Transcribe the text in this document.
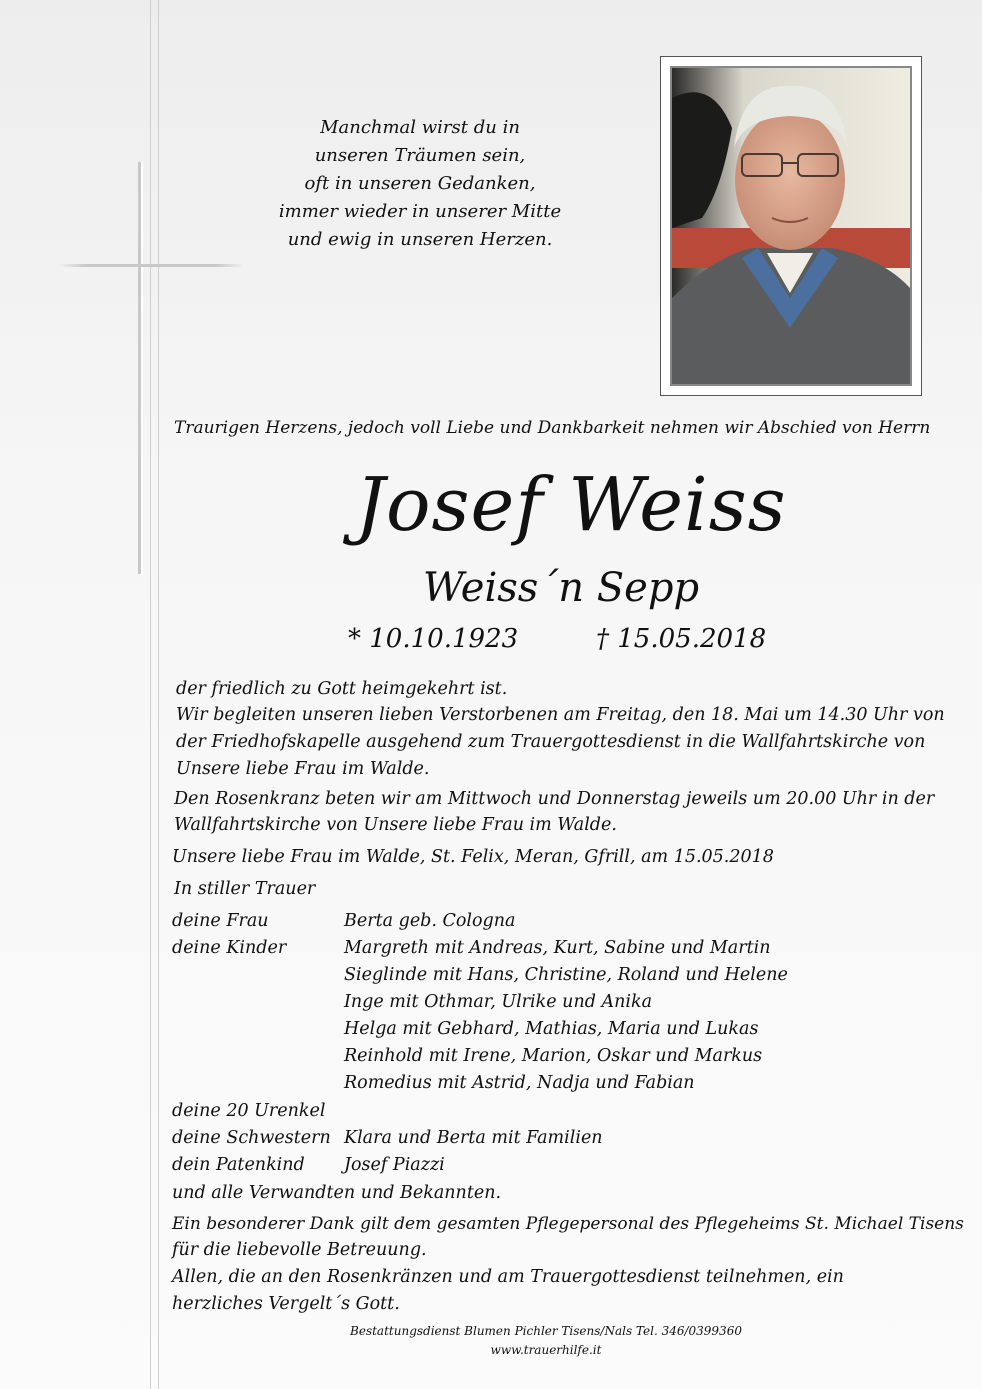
Manchmal wirst du in
unseren Träumen sein,
oft in unseren Gedanken,
immer wieder in unserer Mitte
und ewig in unseren Herzen.
Traurigen Herzens, jedoch voll Liebe und Dankbarkeit nehmen wir Abschied von Herrn
Josef Weiss
Weiss´n Sepp
* 10.10.1923	† 15.05.2018
der friedlich zu Gott heimgekehrt ist.
Wir begleiten unseren lieben Verstorbenen am Freitag, den 18. Mai um 14.30 Uhr von
der Friedhofskapelle ausgehend zum Trauergottesdienst in die Wallfahrtskirche von
Unsere liebe Frau im Walde.
Den Rosenkranz beten wir am Mittwoch und Donnerstag jeweils um 20.00 Uhr in der
Wallfahrtskirche von Unsere liebe Frau im Walde.
Unsere liebe Frau im Walde, St. Felix, Meran, Gfrill, am 15.05.2018
In stiller Trauer
deine Frau	Berta geb. Cologna
deine Kinder	Margreth mit Andreas, Kurt, Sabine und Martin
Sieglinde mit Hans, Christine, Roland und Helene
Inge mit Othmar, Ulrike und Anika
Helga mit Gebhard, Mathias, Maria und Lukas
Reinhold mit Irene, Marion, Oskar und Markus
Romedius mit Astrid, Nadja und Fabian
deine 20 Urenkel
deine Schwestern Klara und Berta mit Familien
dein Patenkind Josef Piazzi
und alle Verwandten und Bekannten.
Ein besonderer Dank gilt dem gesamten Pflegepersonal des Pflegeheims St. Michael Tisens
für die liebevolle Betreuung.
Allen, die an den Rosenkränzen und am Trauergottesdienst teilnehmen, ein
herzliches Vergelt´s Gott.
Bestattungsdienst Blumen Pichler Tisens/Nals Tel. 346/0399360
www.trauerhilfe.it
